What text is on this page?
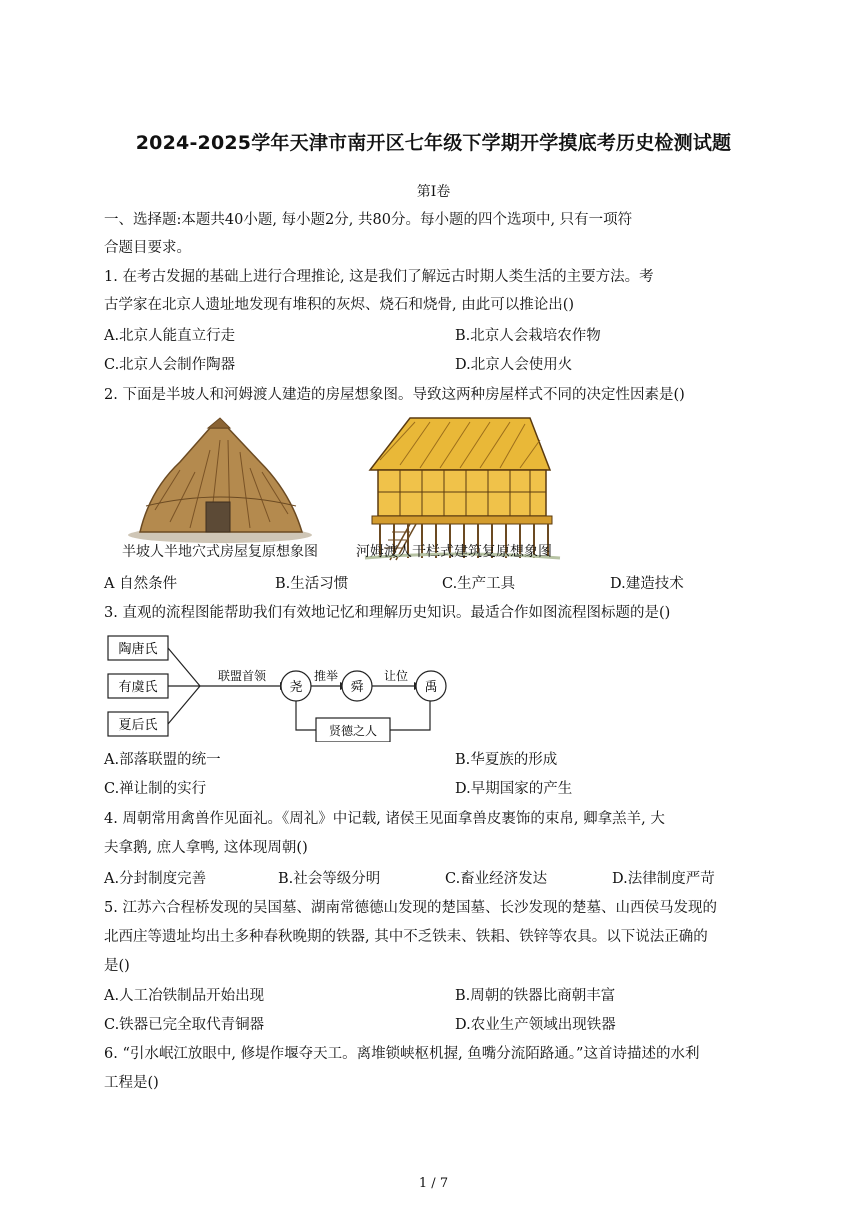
2024-2025学年天津市南开区七年级下学期开学摸底考历史检测试题
第I卷
一、选择题:本题共40小题, 每小题2分, 共80分。每小题的四个选项中, 只有一项符
合题目要求。
1. 在考古发掘的基础上进行合理推论, 这是我们了解远古时期人类生活的主要方法。考
古学家在北京人遗址地发现有堆积的灰烬、烧石和烧骨, 由此可以推论出()
A.北京人能直立行走	B.北京人会栽培农作物
C.北京人会制作陶器	D.北京人会使用火
2. 下面是半坡人和河姆渡人建造的房屋想象图。导致这两种房屋样式不同的决定性因素是()
半坡人半地穴式房屋复原想象图	河姆渡人干栏式建筑复原想象图
A 自然条件	B.生活习惯	C.生产工具	D.建造技术
3. 直观的流程图能帮助我们有效地记忆和理解历史知识。最适合作如图流程图标题的是()
陶唐氏
有虞氏
夏后氏
联盟首领	推举	让位
尧	舜	禹
贤德之人
A.部落联盟的统一	B.华夏族的形成
C.禅让制的实行	D.早期国家的产生
4. 周朝常用禽兽作见面礼。《周礼》中记载, 诸侯王见面拿兽皮裹饰的束帛, 卿拿羔羊, 大
夫拿鹅, 庶人拿鸭, 这体现周朝()
A.分封制度完善	B.社会等级分明	C.畜业经济发达	D.法律制度严苛
5. 江苏六合程桥发现的吴国墓、湖南常德德山发现的楚国墓、长沙发现的楚墓、山西侯马发现的
北西庄等遗址均出土多种春秋晚期的铁器, 其中不乏铁耒、铁耜、铁锌等农具。以下说法正确的
是()
A.人工冶铁制品开始出现	B.周朝的铁器比商朝丰富
C.铁器已完全取代青铜器	D.农业生产领域出现铁器
6. “引水岷江放眼中, 修堤作堰夺天工。离堆锁峡枢机握, 鱼嘴分流陌路通。”这首诗描述的水利
工程是()
1 / 7
